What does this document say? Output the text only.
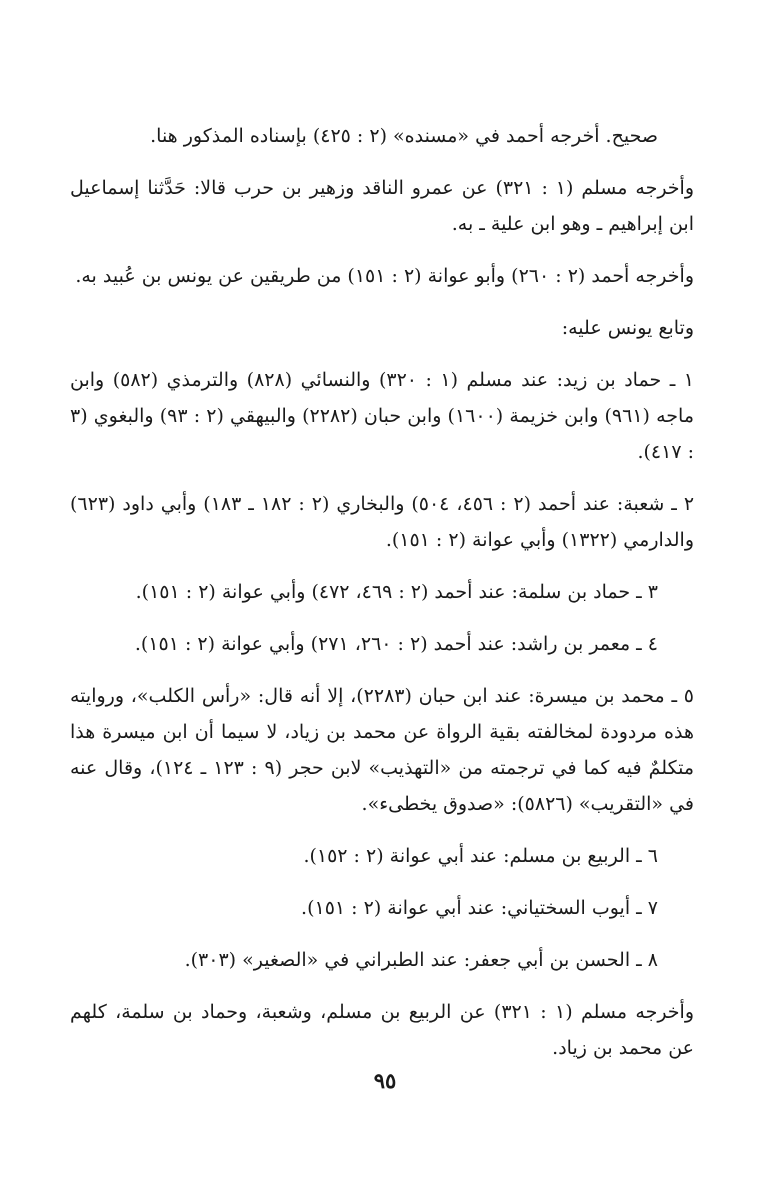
صحيح. أخرجه أحمد في «مسنده» (٢ : ٤٢٥) بإسناده المذكور هنا.

وأخرجه مسلم (١ : ٣٢١) عن عمرو الناقد وزهير بن حرب قالا: حَدَّثنا إسماعيل ابن إبراهيم ـ وهو ابن علية ـ به.

وأخرجه أحمد (٢ : ٢٦٠) وأبو عوانة (٢ : ١٥١) من طريقين عن يونس بن عُبيد به.

وتابع يونس عليه:

١ ـ حماد بن زيد: عند مسلم (١ : ٣٢٠) والنسائي (٨٢٨) والترمذي (٥٨٢) وابن ماجه (٩٦١) وابن خزيمة (١٦٠٠) وابن حبان (٢٢٨٢) والبيهقي (٢ : ٩٣) والبغوي (٣ : ٤١٧).

٢ ـ شعبة: عند أحمد (٢ : ٤٥٦، ٥٠٤) والبخاري (٢ : ١٨٢ ـ ١٨٣) وأبي داود (٦٢٣) والدارمي (١٣٢٢) وأبي عوانة (٢ : ١٥١).

٣ ـ حماد بن سلمة: عند أحمد (٢ : ٤٦٩، ٤٧٢) وأبي عوانة (٢ : ١٥١).

٤ ـ معمر بن راشد: عند أحمد (٢ : ٢٦٠، ٢٧١) وأبي عوانة (٢ : ١٥١).

٥ ـ محمد بن ميسرة: عند ابن حبان (٢٢٨٣)، إلا أنه قال: «رأس الكلب»، وروايته هذه مردودة لمخالفته بقية الرواة عن محمد بن زياد، لا سيما أن ابن ميسرة هذا متكلمٌ فيه كما في ترجمته من «التهذيب» لابن حجر (٩ : ١٢٣ ـ ١٢٤)، وقال عنه في «التقريب» (٥٨٢٦): «صدوق يخطىء».

٦ ـ الربيع بن مسلم: عند أبي عوانة (٢ : ١٥٢).

٧ ـ أيوب السختياني: عند أبي عوانة (٢ : ١٥١).

٨ ـ الحسن بن أبي جعفر: عند الطبراني في «الصغير» (٣٠٣).

وأخرجه مسلم (١ : ٣٢١) عن الربيع بن مسلم، وشعبة، وحماد بن سلمة، كلهم عن محمد بن زياد.

٩٥
